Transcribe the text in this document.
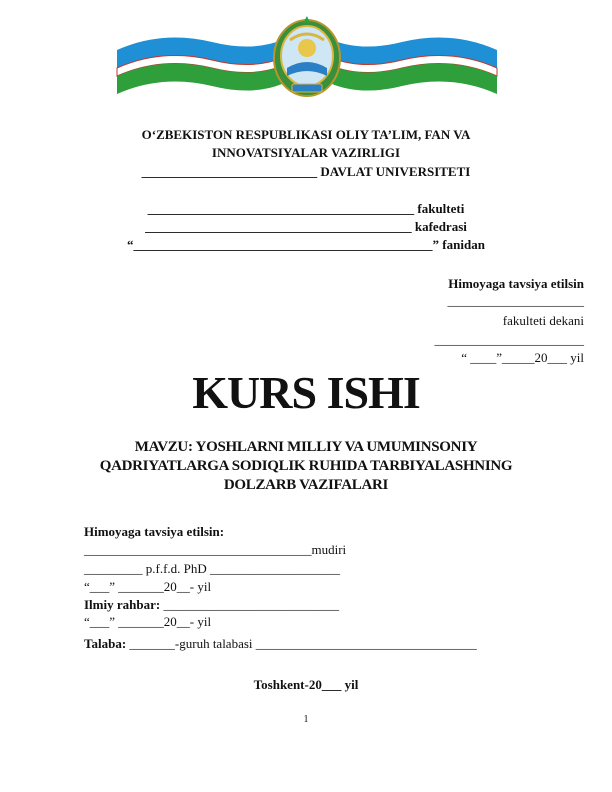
O‘ZBEKISTON RESPUBLIKASI OLIY TA’LIM, FAN VA
INNOVATSIYALAR VAZIRLIGI
___________________________ DAVLAT UNIVERSITETI
_________________________________________ fakulteti
_________________________________________ kafedrasi
“______________________________________________” fanidan
Himoyaga tavsiya etilsin
_____________________
fakulteti dekani
_______________________
“ ____”_____20___ yil
KURS ISHI
MAVZU: YOSHLARNI MILLIY VA UMUMINSONIY
QADRIYATLARGA SODIQLIK RUHIDA TARBIYALASHNING
DOLZARB VAZIFALARI
Himoyaga tavsiya etilsin:
___________________________________mudiri
_________ p.f.f.d. PhD ____________________
“___” _______20__- yil
Ilmiy rahbar: ___________________________
“___” _______20__- yil
Talaba: _______-guruh talabasi __________________________________
Toshkent-20___ yil
1
